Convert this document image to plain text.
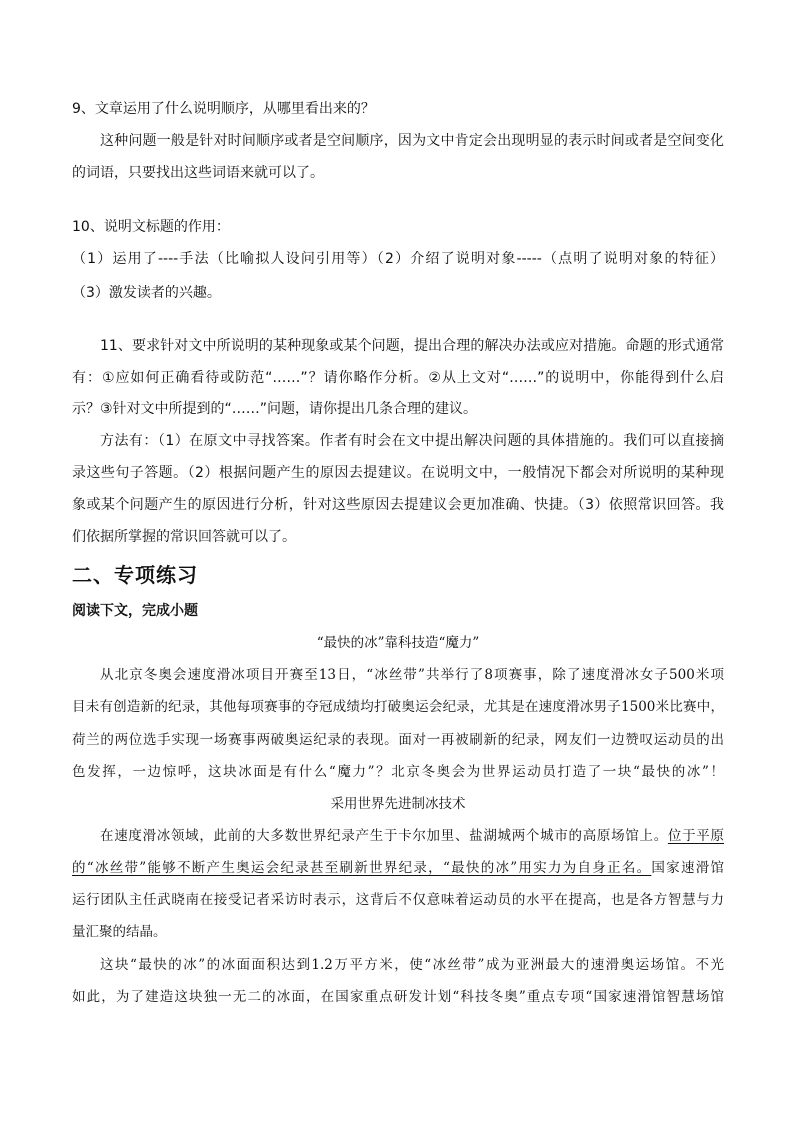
9、文章运用了什么说明顺序，从哪里看出来的？
这种问题一般是针对时间顺序或者是空间顺序，因为文中肯定会出现明显的表示时间或者是空间变化
的词语，只要找出这些词语来就可以了。
10、说明文标题的作用：
（1）运用了----手法（比喻拟人设问引用等）（2）介绍了说明对象-----（点明了说明对象的特征）
（3）激发读者的兴趣。
11、要求针对文中所说明的某种现象或某个问题，提出合理的解决办法或应对措施。命题的形式通常
有：①应如何正确看待或防范“……”？请你略作分析。②从上文对“……”的说明中，你能得到什么启
示？③针对文中所提到的“……”问题，请你提出几条合理的建议。
方法有：（1）在原文中寻找答案。作者有时会在文中提出解决问题的具体措施的。我们可以直接摘
录这些句子答题。（2）根据问题产生的原因去提建议。在说明文中，一般情况下都会对所说明的某种现
象或某个问题产生的原因进行分析，针对这些原因去提建议会更加准确、快捷。（3）依照常识回答。我
们依据所掌握的常识回答就可以了。
二、专项练习
阅读下文，完成小题
“最快的冰”靠科技造“魔力”
从北京冬奥会速度滑冰项目开赛至13日，“冰丝带”共举行了8项赛事，除了速度滑冰女子500米项
目未有创造新的纪录，其他每项赛事的夺冠成绩均打破奥运会纪录，尤其是在速度滑冰男子1500米比赛中，
荷兰的两位选手实现一场赛事两破奥运纪录的表现。面对一再被刷新的纪录，网友们一边赞叹运动员的出
色发挥，一边惊呼，这块冰面是有什么“魔力”？北京冬奥会为世界运动员打造了一块“最快的冰”！
采用世界先进制冰技术
在速度滑冰领域，此前的大多数世界纪录产生于卡尔加里、盐湖城两个城市的高原场馆上。位于平原
的“冰丝带”能够不断产生奥运会纪录甚至刷新世界纪录，“最快的冰”用实力为自身正名。国家速滑馆
运行团队主任武晓南在接受记者采访时表示，这背后不仅意味着运动员的水平在提高，也是各方智慧与力
量汇聚的结晶。
这块“最快的冰”的冰面面积达到1.2万平方米，使“冰丝带”成为亚洲最大的速滑奥运场馆。不光
如此，为了建造这块独一无二的冰面，在国家重点研发计划“科技冬奥”重点专项“国家速滑馆智慧场馆
